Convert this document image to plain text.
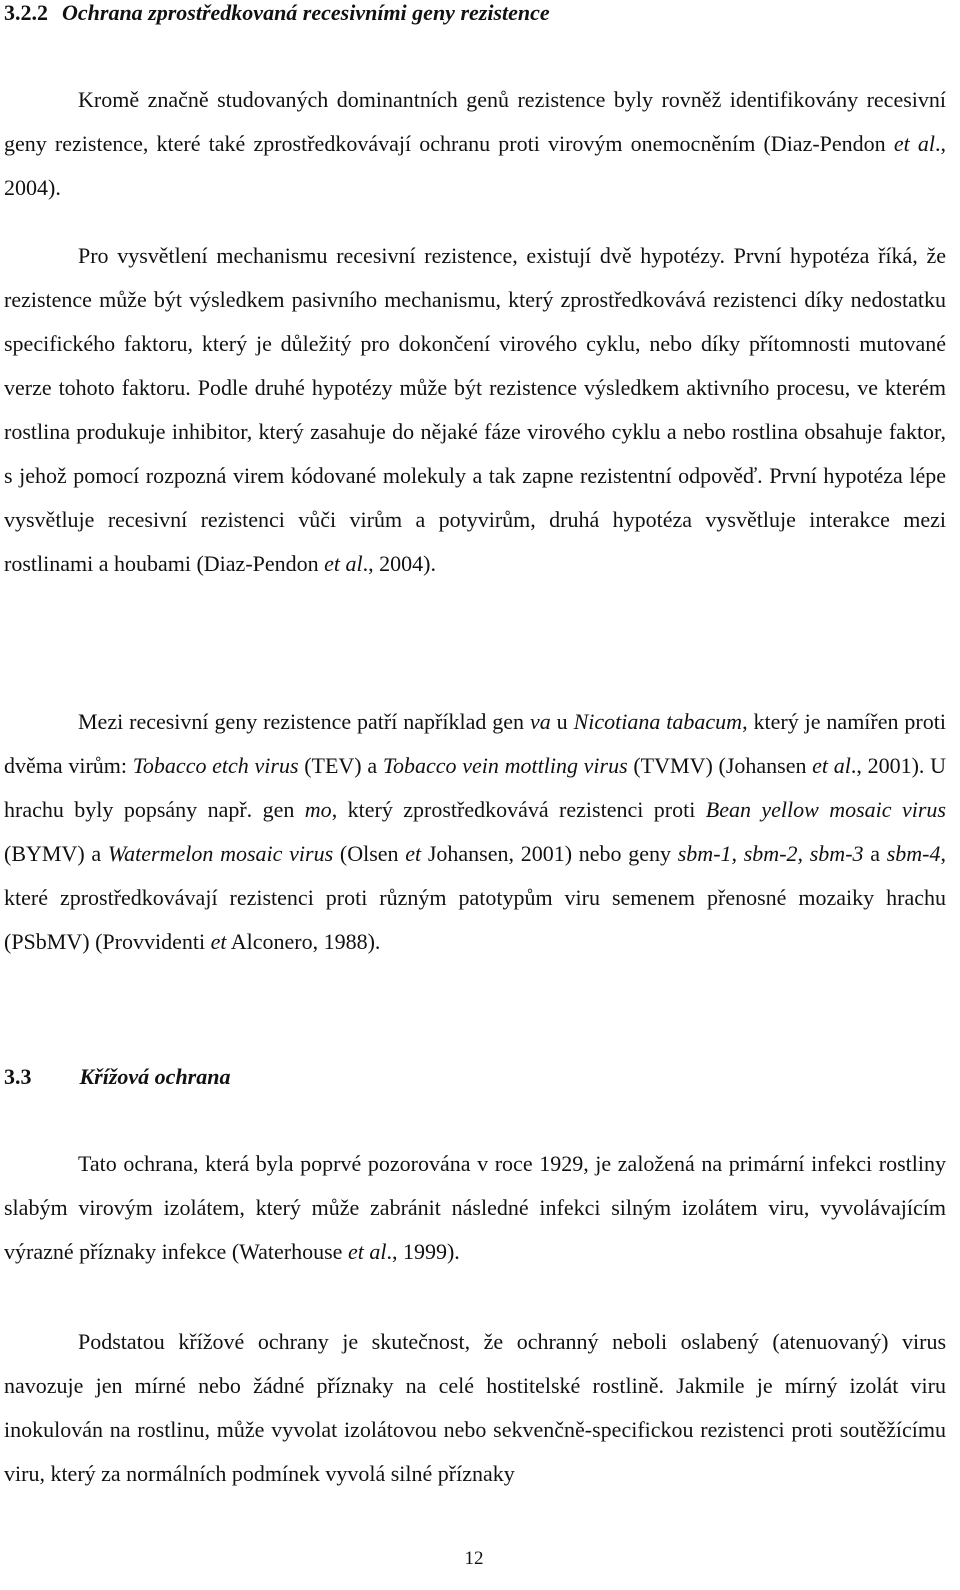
3.2.2 Ochrana zprostředkovaná recesivními geny rezistence

Kromě značně studovaných dominantních genů rezistence byly rovněž identifikovány recesivní geny rezistence, které také zprostředkovávají ochranu proti virovým onemocněním (Diaz-Pendon et al., 2004).

Pro vysvětlení mechanismu recesivní rezistence, existují dvě hypotézy. První hypotéza říká, že rezistence může být výsledkem pasivního mechanismu, který zprostředkovává rezistenci díky nedostatku specifického faktoru, který je důležitý pro dokončení virového cyklu, nebo díky přítomnosti mutované verze tohoto faktoru. Podle druhé hypotézy může být rezistence výsledkem aktivního procesu, ve kterém rostlina produkuje inhibitor, který zasahuje do nějaké fáze virového cyklu a nebo rostlina obsahuje faktor, s jehož pomocí rozpozná virem kódované molekuly a tak zapne rezistentní odpověď. První hypotéza lépe vysvětluje recesivní rezistenci vůči virům a potyvirům, druhá hypotéza vysvětluje interakce mezi rostlinami a houbami (Diaz-Pendon et al., 2004).

Mezi recesivní geny rezistence patří například gen va u Nicotiana tabacum, který je namířen proti dvěma virům: Tobacco etch virus (TEV) a Tobacco vein mottling virus (TVMV) (Johansen et al., 2001). U hrachu byly popsány např. gen mo, který zprostředkovává rezistenci proti Bean yellow mosaic virus (BYMV) a Watermelon mosaic virus (Olsen et Johansen, 2001) nebo geny sbm-1, sbm-2, sbm-3 a sbm-4, které zprostředkovávají rezistenci proti různým patotypům viru semenem přenosné mozaiky hrachu (PSbMV) (Provvidenti et Alconero, 1988).

3.3 Křížová ochrana

Tato ochrana, která byla poprvé pozorována v roce 1929, je založená na primární infekci rostliny slabým virovým izolátem, který může zabránit následné infekci silným izolátem viru, vyvolávajícím výrazné příznaky infekce (Waterhouse et al., 1999).

Podstatou křížové ochrany je skutečnost, že ochranný neboli oslabený (atenuovaný) virus navozuje jen mírné nebo žádné příznaky na celé hostitelské rostlině. Jakmile je mírný izolát viru inokulován na rostlinu, může vyvolat izolátovou nebo sekvenčně-specifickou rezistenci proti soutěžícímu viru, který za normálních podmínek vyvolá silné příznaky

12
